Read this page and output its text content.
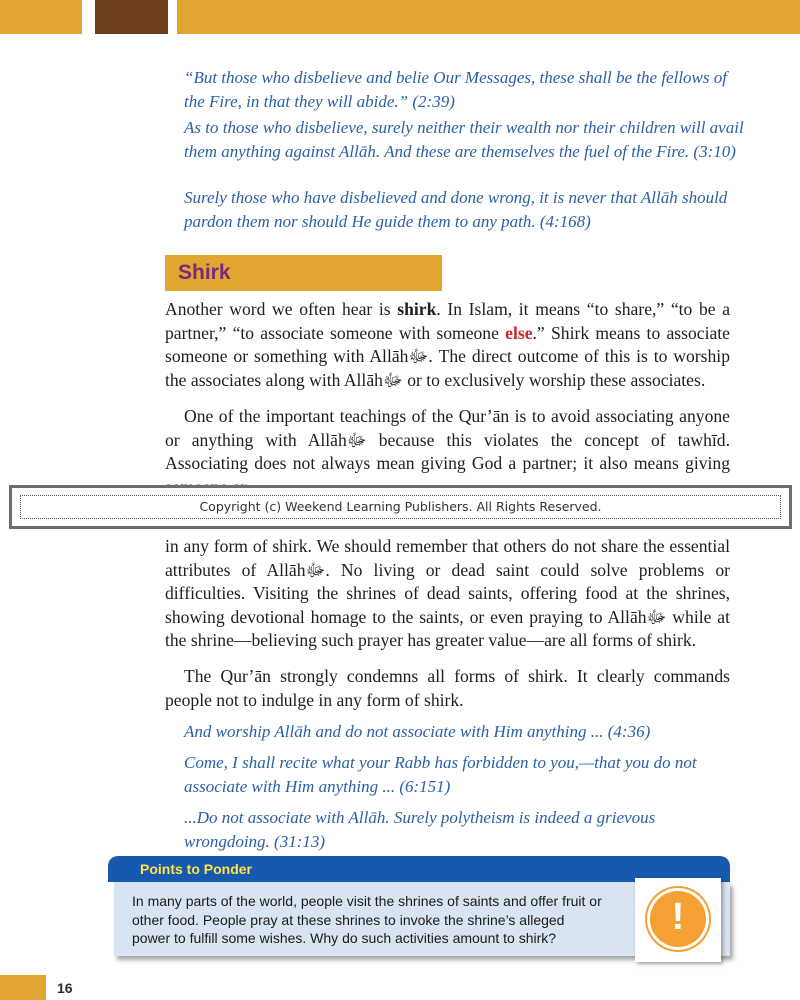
“But those who disbelieve and belie Our Messages, these shall be the fellows of the Fire, in that they will abide.” (2:39)
As to those who disbelieve, surely neither their wealth nor their children will avail them anything against Allāh. And these are themselves the fuel of the Fire. (3:10)
Surely those who have disbelieved and done wrong, it is never that Allāh should pardon them nor should He guide them to any path. (4:168)
Shirk
Another word we often hear is shirk. In Islam, it means “to share,” “to be a partner,” “to associate someone with someone else.” Shirk means to associate someone or something with Allāhﷻ. The direct outcome of this is to worship the associates along with Allāhﷻ or to exclusively worship these associates.
One of the important teachings of the Qur’ān is to avoid associating anyone or anything with Allāhﷻ because this violates the concept of tawhīd. Associating does not always mean giving God a partner; it also means giving
Copyright (c) Weekend Learning Publishers. All Rights Reserved.
in any form of shirk. We should remember that others do not share the essential attributes of Allāhﷻ. No living or dead saint could solve problems or difficulties. Visiting the shrines of dead saints, offering food at the shrines, showing devotional homage to the saints, or even praying to Allāhﷻ while at the shrine—believing such prayer has greater value—are all forms of shirk.
The Qur’ān strongly condemns all forms of shirk. It clearly commands people not to indulge in any form of shirk.
And worship Allāh and do not associate with Him anything ... (4:36)
Come, I shall recite what your Rabb has forbidden to you,—that you do not associate with Him anything ... (6:151)
...Do not associate with Allāh. Surely polytheism is indeed a grievous wrongdoing. (31:13)
In many parts of the world, people visit the shrines of saints and offer fruit or other food. People pray at these shrines to invoke the shrine’s alleged power to fulfill some wishes. Why do such activities amount to shirk?
Points to Ponder
!
16
